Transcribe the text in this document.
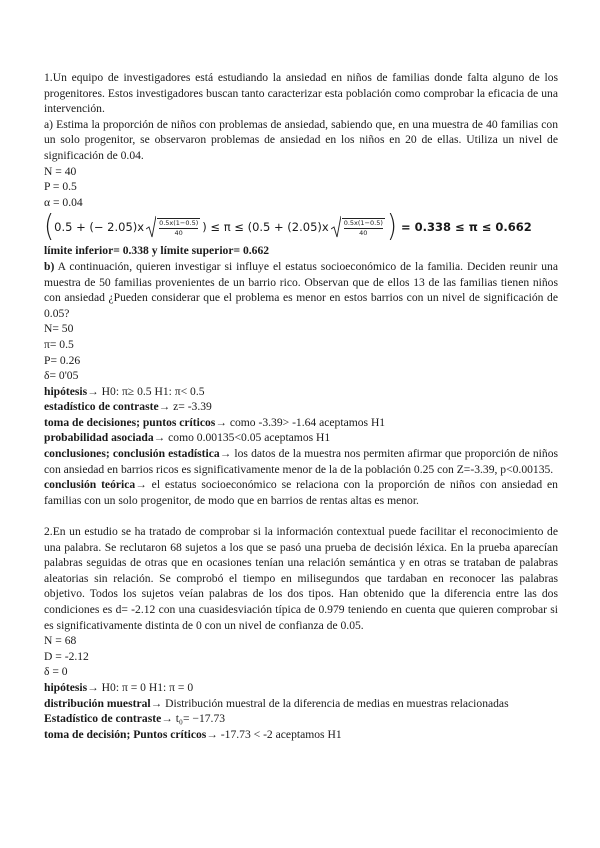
1.Un equipo de investigadores está estudiando la ansiedad en niños de familias donde falta alguno de los progenitores. Estos investigadores buscan tanto caracterizar esta población como comprobar la eficacia de una intervención.

a) Estima la proporción de niños con problemas de ansiedad, sabiendo que, en una muestra de 40 familias con un solo progenitor, se observaron problemas de ansiedad en los niños en 20 de ellas. Utiliza un nivel de significación de 0.04.

N = 40

P = 0.5

α = 0.04

( 0.5 + (− $2.05)x \frac{0.5x(1-0.5)}{40}$ ) ≤ π ≤ ( $0.5 + (2.05)x \frac{0.5x(1-0.5)}{40}$ ) = 0.338 ≤ π ≤ 0.662

límite inferior= 0.338 y límite superior= 0.662

b) A continuación, quieren investigar si influye el estatus socioeconómico de la familia. Deciden reunir una muestra de 50 familias provenientes de un barrio rico. Observan que de ellos 13 de las familias tienen niños con ansiedad ¿Pueden considerar que el problema es menor en estos barrios con un nivel de significación de 0.05?

N= 50

π= 0.5

P= 0.26

δ= 0'05

hipótesis→ H0: π≥ 0.5 H1: π< 0.5

estadístico de contraste→ z= -3.39

toma de decisiones; puntos críticos→ como -3.39> -1.64 aceptamos H1

probabilidad asociada→ como 0.00135<0.05 aceptamos H1

conclusiones; conclusión estadística→ los datos de la muestra nos permiten afirmar que proporción de niños con ansiedad en barrios ricos es significativamente menor de la de la población 0.25 con Z=-3.39, p<0.00135.

conclusión teórica→ el estatus socioeconómico se relaciona con la proporción de niños con ansiedad en familias con un solo progenitor, de modo que en barrios de rentas altas es menor.

2.En un estudio se ha tratado de comprobar si la información contextual puede facilitar el reconocimiento de una palabra. Se reclutaron 68 sujetos a los que se pasó una prueba de decisión léxica. En la prueba aparecían palabras seguidas de otras que en ocasiones tenían una relación semántica y en otras se trataban de palabras aleatorias sin relación. Se comprobó el tiempo en milisegundos que tardaban en reconocer las palabras objetivo. Todos los sujetos veían palabras de los dos tipos. Han obtenido que la diferencia entre las dos condiciones es d= -2.12 con una cuasidesviación típica de 0.979 teniendo en cuenta que quieren comprobar si es significativamente distinta de 0 con un nivel de confianza de 0.05.

N = 68

D = -2.12

δ = 0

hipótesis→ H0: π = 0 H1: π = 0

distribución muestral→ Distribución muestral de la diferencia de medias en muestras relacionadas

Estadístico de contraste→ t₀= −17.73

toma de decisión; Puntos críticos→ -17.73 < -2 aceptamos H1
